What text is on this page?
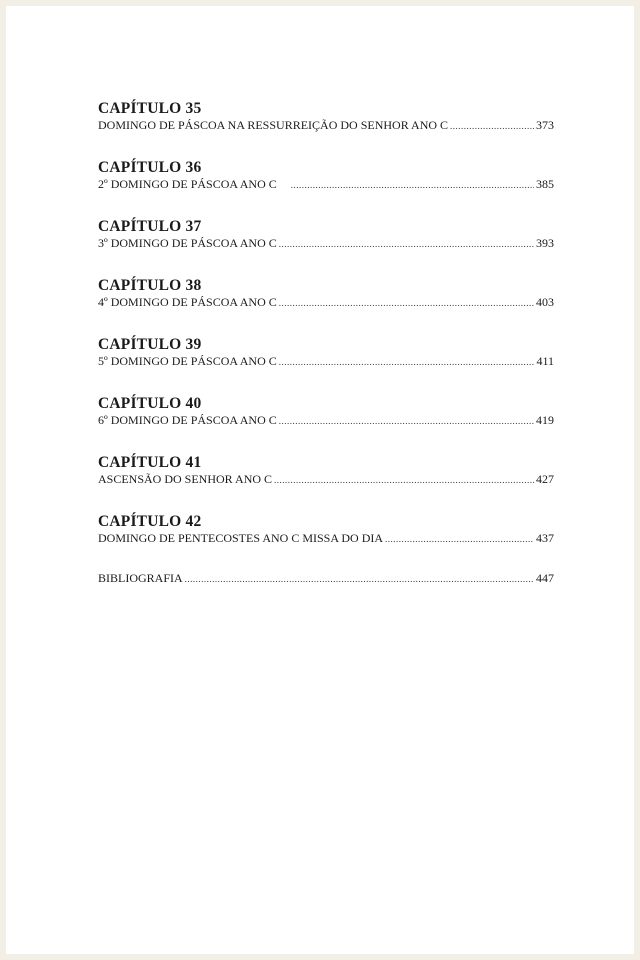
CAPÍTULO 35
DOMINGO DE PÁSCOA NA RESSURREIÇÃO DO SENHOR ANO C .....	373
CAPÍTULO 36
2º DOMINGO DE PÁSCOA ANO C .....	385
CAPÍTULO 37
3º DOMINGO DE PÁSCOA ANO C .....	393
CAPÍTULO 38
4º DOMINGO DE PÁSCOA ANO C .....	403
CAPÍTULO 39
5º DOMINGO DE PÁSCOA ANO C .....	411
CAPÍTULO 40
6º DOMINGO DE PÁSCOA ANO C .....	419
CAPÍTULO 41
ASCENSÃO DO SENHOR ANO C .....	427
CAPÍTULO 42
DOMINGO DE PENTECOSTES ANO C MISSA DO DIA .....	437
BIBLIOGRAFIA .....	447
